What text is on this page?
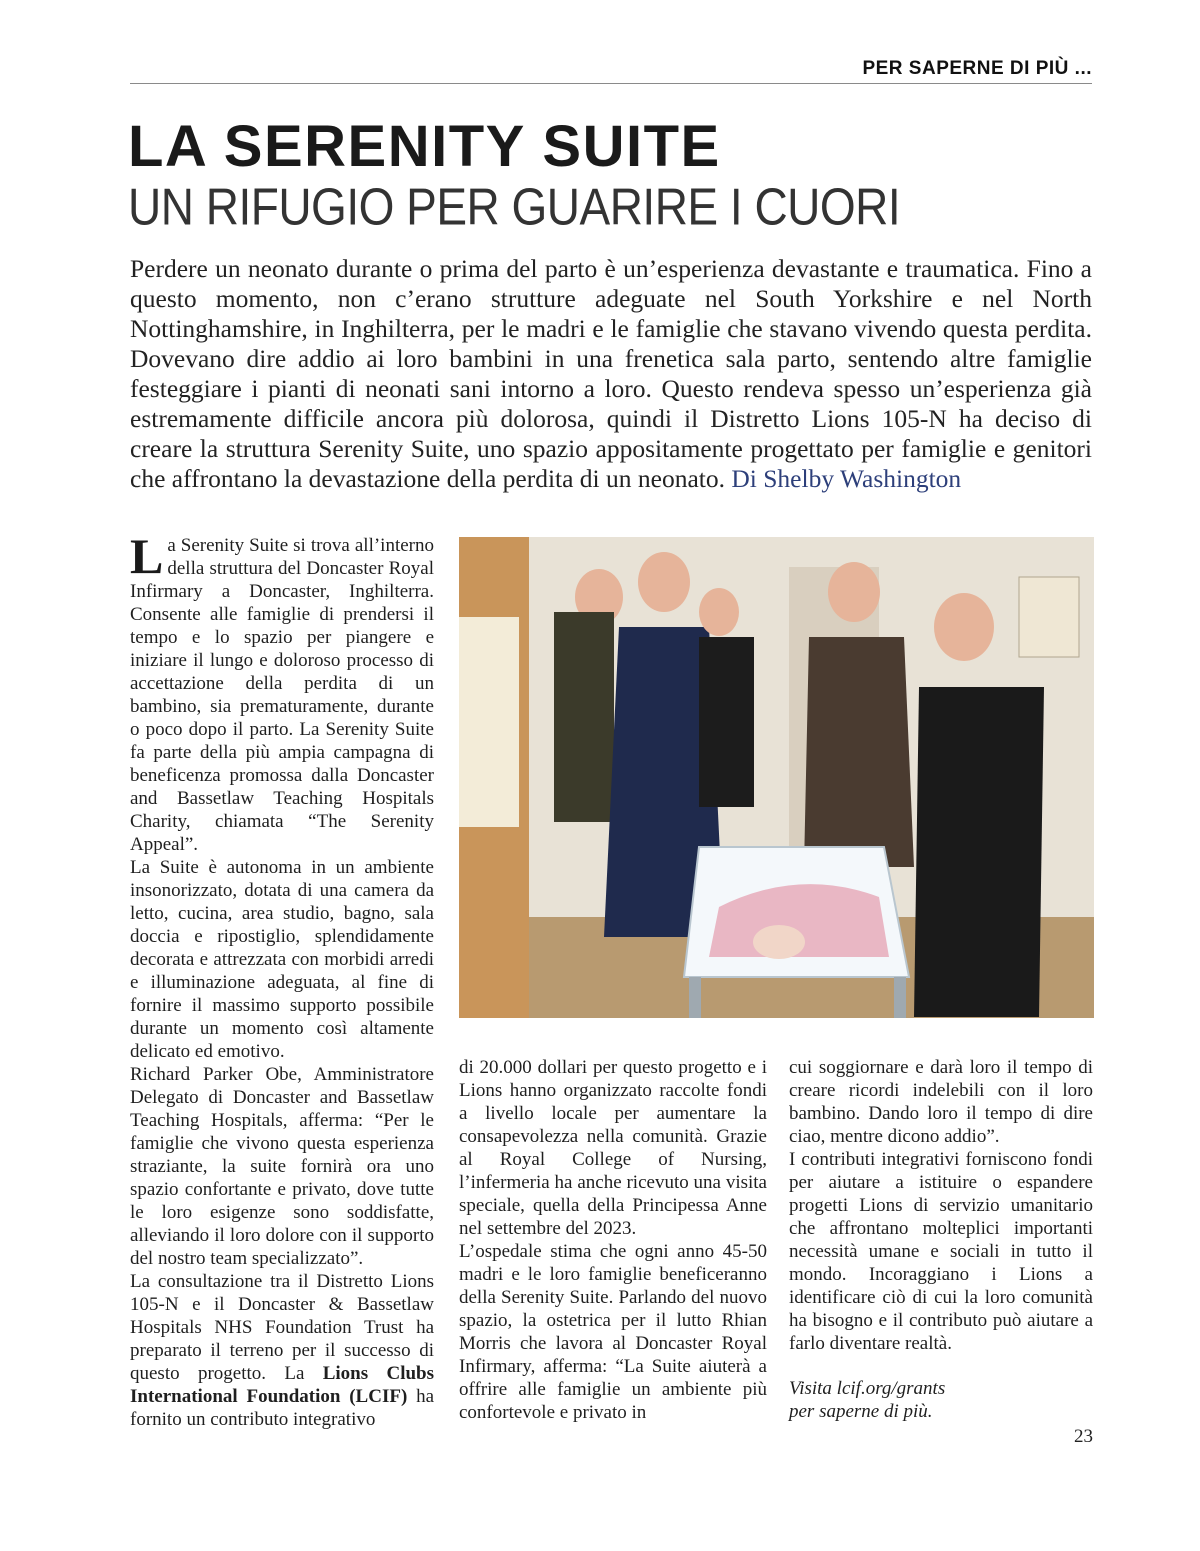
PER SAPERNE DI PIÙ ...
LA SERENITY SUITE
UN RIFUGIO PER GUARIRE I CUORI

Perdere un neonato durante o prima del parto è un’esperienza devastante e traumatica. Fino a questo momento, non c’erano strutture adeguate nel South Yorkshire e nel North Nottinghamshire, in Inghilterra, per le madri e le famiglie che stavano vivendo questa perdita. Dovevano dire addio ai loro bambini in una frenetica sala parto, sentendo altre famiglie festeggiare i pianti di neonati sani intorno a loro. Questo rendeva spesso un’esperienza già estremamente difficile ancora più dolorosa, quindi il Distretto Lions 105-N ha deciso di creare la struttura Serenity Suite, uno spazio appositamente progettato per famiglie e genitori che affrontano la devastazione della perdita di un neonato. Di Shelby Washington

La Serenity Suite si trova all’interno della struttura del Doncaster Royal Infirmary a Doncaster, Inghilterra. Consente alle famiglie di prendersi il tempo e lo spazio per piangere e iniziare il lungo e doloroso processo di accettazione della perdita di un bambino, sia prematuramente, durante o poco dopo il parto. La Serenity Suite fa parte della più ampia campagna di beneficenza promossa dalla Doncaster and Bassetlaw Teaching Hospitals Charity, chiamata “The Serenity Appeal”.

La Suite è autonoma in un ambiente insonorizzato, dotata di una camera da letto, cucina, area studio, bagno, sala doccia e ripostiglio, splendidamente decorata e attrezzata con morbidi arredi e illuminazione adeguata, al fine di fornire il massimo supporto possibile durante un momento così altamente delicato ed emotivo.

Richard Parker Obe, Amministratore Delegato di Doncaster and Bassetlaw Teaching Hospitals, afferma: “Per le famiglie che vivono questa esperienza straziante, la suite fornirà ora uno spazio confortante e privato, dove tutte le loro esigenze sono soddisfatte, alleviando il loro dolore con il supporto del nostro team specializzato”.

La consultazione tra il Distretto Lions 105-N e il Doncaster & Bassetlaw Hospitals NHS Foundation Trust ha preparato il terreno per il successo di questo progetto. La Lions Clubs International Foundation (LCIF) ha fornito un contributo integrativo

di 20.000 dollari per questo progetto e i Lions hanno organizzato raccolte fondi a livello locale per aumentare la consapevolezza nella comunità. Grazie al Royal College of Nursing, l’infermeria ha anche ricevuto una visita speciale, quella della Principessa Anne nel settembre del 2023.

L’ospedale stima che ogni anno 45-50 madri e le loro famiglie beneficeranno della Serenity Suite. Parlando del nuovo spazio, la ostetrica per il lutto Rhian Morris che lavora al Doncaster Royal Infirmary, afferma: “La Suite aiuterà a offrire alle famiglie un ambiente più confortevole e privato in

cui soggiornare e darà loro il tempo di creare ricordi indelebili con il loro bambino. Dando loro il tempo di dire ciao, mentre dicono addio”.

I contributi integrativi forniscono fondi per aiutare a istituire o espandere progetti Lions di servizio umanitario che affrontano molteplici importanti necessità umane e sociali in tutto il mondo. Incoraggiano i Lions a identificare ciò di cui la loro comunità ha bisogno e il contributo può aiutare a farlo diventare realtà.

Visita lcif.org/grants
per saperne di più.

23
